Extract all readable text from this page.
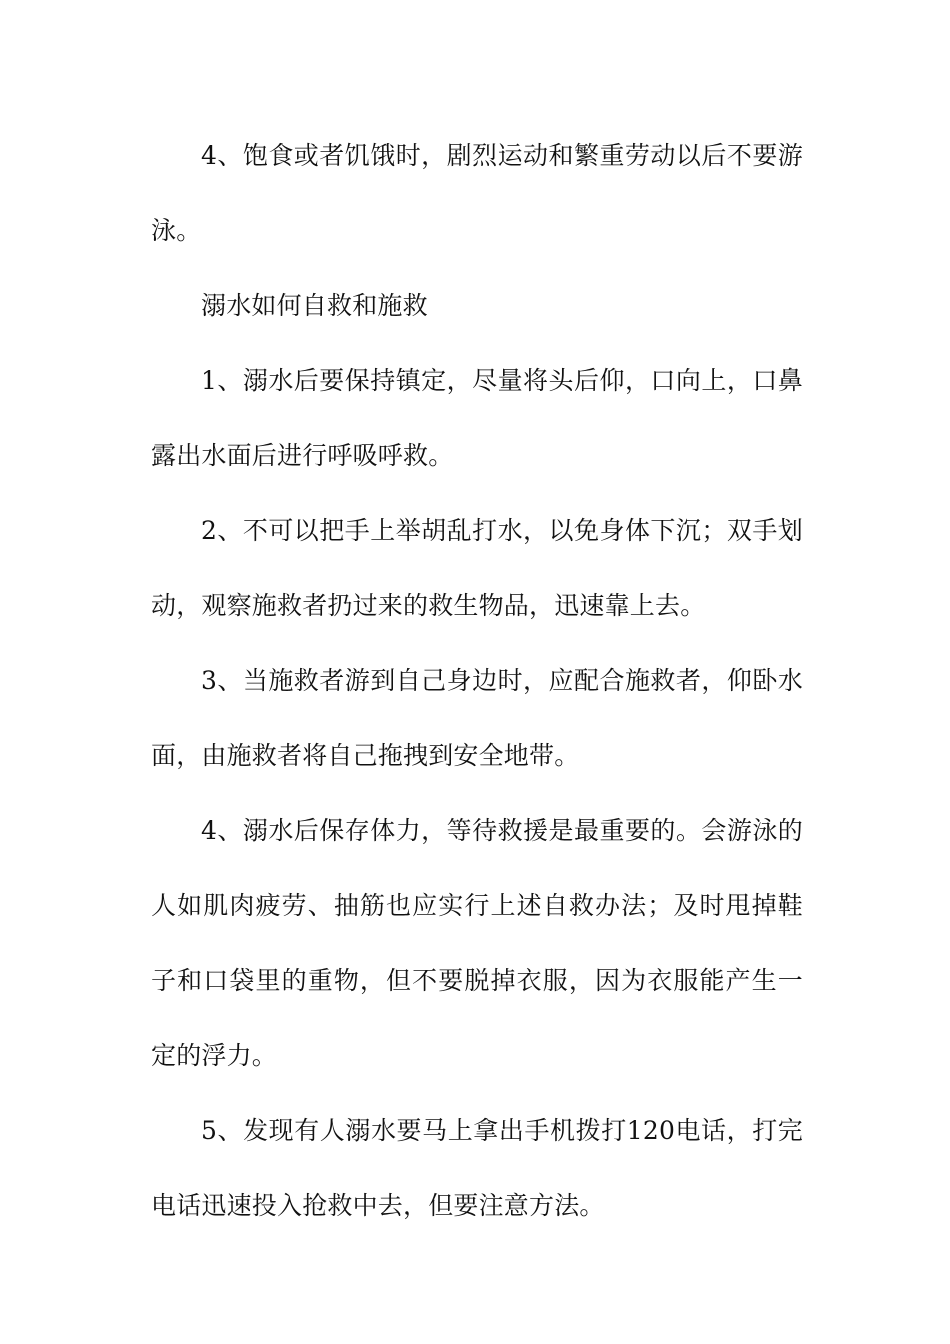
4、饱食或者饥饿时，剧烈运动和繁重劳动以后不要游泳。

溺水如何自救和施救

1、溺水后要保持镇定，尽量将头后仰，口向上，口鼻露出水面后进行呼吸呼救。

2、不可以把手上举胡乱打水，以免身体下沉；双手划动，观察施救者扔过来的救生物品，迅速靠上去。

3、当施救者游到自己身边时，应配合施救者，仰卧水面，由施救者将自己拖拽到安全地带。

4、溺水后保存体力，等待救援是最重要的。会游泳的人如肌肉疲劳、抽筋也应实行上述自救办法；及时甩掉鞋子和口袋里的重物，但不要脱掉衣服，因为衣服能产生一定的浮力。

5、发现有人溺水要马上拿出手机拨打120电话，打完电话迅速投入抢救中去，但要注意方法。
